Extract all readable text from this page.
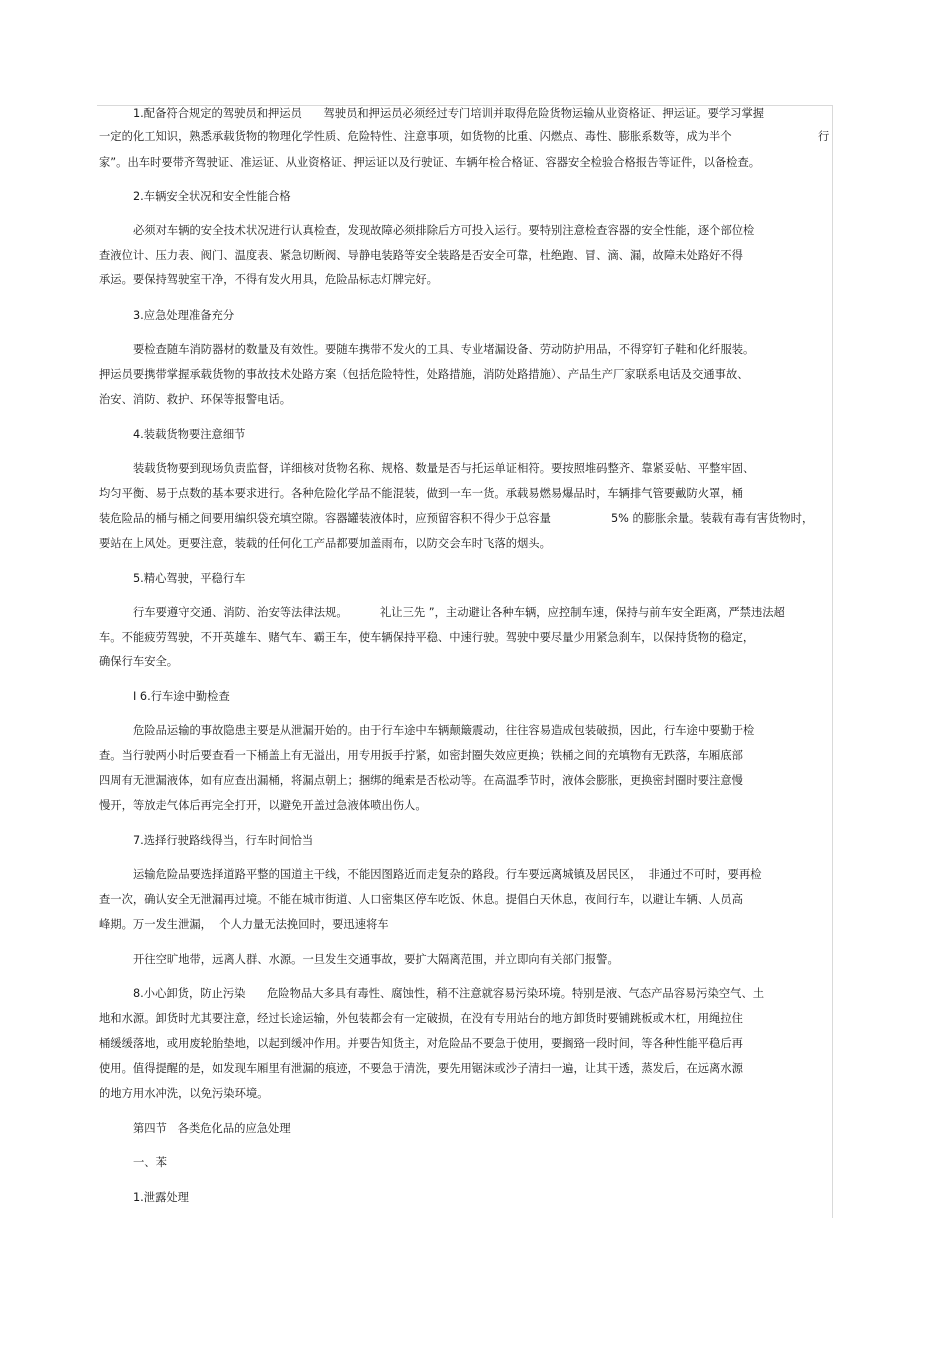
1.配备符合规定的驾驶员和押运员      驾驶员和押运员必须经过专门培训并取得危险货物运输从业资格证、押运证。要学习掌握
一定的化工知识，熟悉承载货物的物理化学性质、危险特性、注意事项，如货物的比重、闪燃点、毒性、膨胀系数等，成为半个	行
家”。出车时要带齐驾驶证、准运证、从业资格证、押运证以及行驶证、车辆年检合格证、容器安全检验合格报告等证件，以备检查。
2.车辆安全状况和安全性能合格
必须对车辆的安全技术状况进行认真检查，发现故障必须排除后方可投入运行。要特别注意检查容器的安全性能，逐个部位检
查液位计、压力表、阀门、温度表、紧急切断阀、导静电装路等安全装路是否安全可靠，杜绝跑、冒、滴、漏，故障未处路好不得
承运。要保持驾驶室干净，不得有发火用具，危险品标志灯牌完好。
3.应急处理准备充分
要检查随车消防器材的数量及有效性。要随车携带不发火的工具、专业堵漏设备、劳动防护用品，不得穿钉子鞋和化纤服装。
押运员要携带掌握承载货物的事故技术处路方案（包括危险特性，处路措施，消防处路措施）、产品生产厂家联系电话及交通事故、
治安、消防、救护、环保等报警电话。
4.装载货物要注意细节
装载货物要到现场负责监督，详细核对货物名称、规格、数量是否与托运单证相符。要按照堆码整齐、靠紧妥帖、平整牢固、
均匀平衡、易于点数的基本要求进行。各种危险化学品不能混装，做到一车一货。承载易燃易爆品时，车辆排气管要戴防火罩，桶
装危险品的桶与桶之间要用编织袋充填空隙。容器罐装液体时，应预留容积不得少于总容量	5% 的膨胀余量。装载有毒有害货物时，
要站在上风处。更要注意，装载的任何化工产品都要加盖雨布，以防交会车时飞落的烟头。
5.精心驾驶，平稳行车
行车要遵守交通、消防、治安等法律法规。	礼让三先 ”，主动避让各种车辆，应控制车速，保持与前车安全距离，严禁违法超
车。不能疲劳驾驶，不开英雄车、赌气车、霸王车，使车辆保持平稳、中速行驶。驾驶中要尽量少用紧急刹车，以保持货物的稳定，
确保行车安全。
I 6.行车途中勤检查
危险品运输的事故隐患主要是从泄漏开始的。由于行车途中车辆颠簸震动，往往容易造成包装破损，因此，行车途中要勤于检
查。当行驶两小时后要查看一下桶盖上有无溢出，用专用扳手拧紧，如密封圈失效应更换；铁桶之间的充填物有无跌落，车厢底部
四周有无泄漏液体，如有应查出漏桶，将漏点朝上；捆绑的绳索是否松动等。在高温季节时，液体会膨胀，更换密封圈时要注意慢
慢开，等放走气体后再完全打开，以避免开盖过急液体喷出伤人。
7.选择行驶路线得当，行车时间恰当
运输危险品要选择道路平整的国道主干线，不能因图路近而走复杂的路段。行车要远离城镇及居民区，  非通过不可时，要再检
查一次，确认安全无泄漏再过境。不能在城市街道、人口密集区停车吃饭、休息。提倡白天休息，夜间行车，以避让车辆、人员高
峰期。万一发生泄漏，  个人力量无法挽回时，要迅速将车
开往空旷地带，远离人群、水源。一旦发生交通事故，要扩大隔离范围，并立即向有关部门报警。
8.小心卸货，防止污染      危险物品大多具有毒性、腐蚀性，稍不注意就容易污染环境。特别是液、气态产品容易污染空气、土
地和水源。卸货时尤其要注意，经过长途运输，外包装都会有一定破损，在没有专用站台的地方卸货时要铺跳板或木杠，用绳拉住
桶缓缓落地，或用废轮胎垫地，以起到缓冲作用。并要告知货主，对危险品不要急于使用，要搁臵一段时间，等各种性能平稳后再
使用。值得提醒的是，如发现车厢里有泄漏的痕迹，不要急于清洗，要先用锯沫或沙子清扫一遍，让其干透，蒸发后，在远离水源
的地方用水冲洗，以免污染环境。
第四节   各类危化品的应急处理
一、苯
1.泄露处理
